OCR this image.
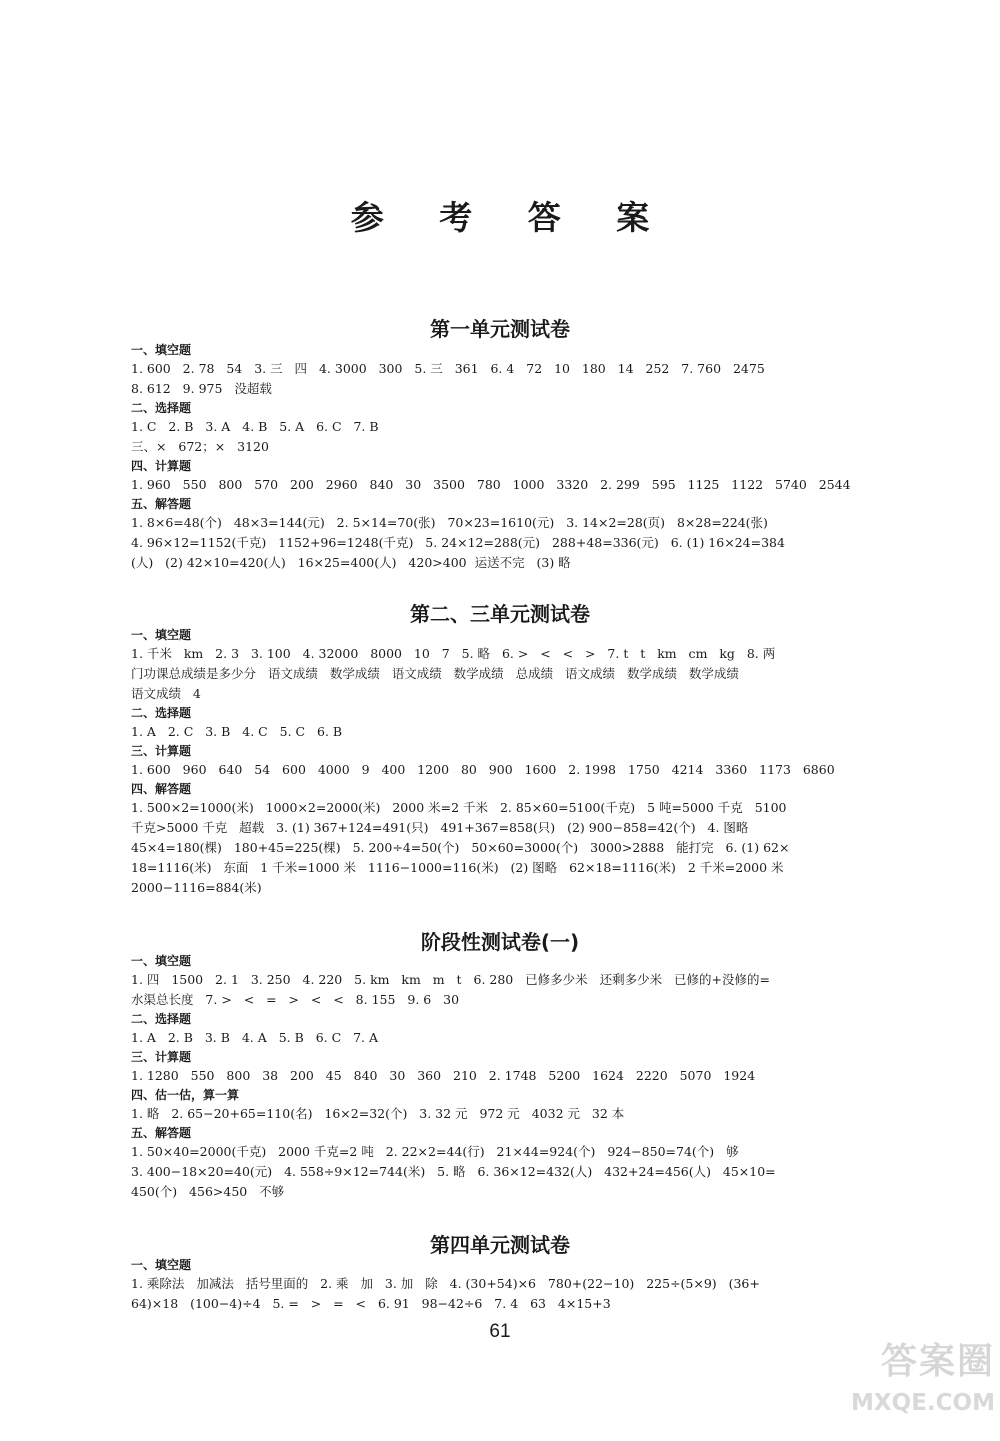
参 考 答 案
第一单元测试卷
一、填空题
1. 600   2. 78   54   3. 三   四   4. 3000   300   5. 三   361   6. 4   72   10   180   14   252   7. 760   2475
8. 612   9. 975   没超载
二、选择题
1. C   2. B   3. A   4. B   5. A   6. C   7. B
三、×   672；×   3120
四、计算题
1. 960   550   800   570   200   2960   840   30   3500   780   1000   3320   2. 299   595   1125   1122   5740   2544
五、解答题
1. 8×6=48(个)   48×3=144(元)   2. 5×14=70(张)   70×23=1610(元)   3. 14×2=28(页)   8×28=224(张)
4. 96×12=1152(千克)   1152+96=1248(千克)   5. 24×12=288(元)   288+48=336(元)   6. (1) 16×24=384
(人)   (2) 42×10=420(人)   16×25=400(人)   420>400  运送不完   (3) 略
第二、三单元测试卷
一、填空题
1. 千米   km   2. 3   3. 100   4. 32000   8000   10   7   5. 略   6. >   <   <   >   7. t   t   km   cm   kg   8. 两
门功课总成绩是多少分   语文成绩   数学成绩   语文成绩   数学成绩   总成绩   语文成绩   数学成绩   数学成绩
语文成绩   4
二、选择题
1. A   2. C   3. B   4. C   5. C   6. B
三、计算题
1. 600   960   640   54   600   4000   9   400   1200   80   900   1600   2. 1998   1750   4214   3360   1173   6860
四、解答题
1. 500×2=1000(米)   1000×2=2000(米)   2000 米=2 千米   2. 85×60=5100(千克)   5 吨=5000 千克   5100
千克>5000 千克   超载   3. (1) 367+124=491(只)   491+367=858(只)   (2) 900−858=42(个)   4. 图略
45×4=180(棵)   180+45=225(棵)   5. 200÷4=50(个)   50×60=3000(个)   3000>2888   能打完   6. (1) 62×
18=1116(米)   东面   1 千米=1000 米   1116−1000=116(米)   (2) 图略   62×18=1116(米)   2 千米=2000 米
2000−1116=884(米)
阶段性测试卷(一)
一、填空题
1. 四   1500   2. 1   3. 250   4. 220   5. km   km   m   t   6. 280   已修多少米   还剩多少米   已修的+没修的=
水渠总长度   7. >   <   =   >   <   <   8. 155   9. 6   30
二、选择题
1. A   2. B   3. B   4. A   5. B   6. C   7. A
三、计算题
1. 1280   550   800   38   200   45   840   30   360   210   2. 1748   5200   1624   2220   5070   1924
四、估一估，算一算
1. 略   2. 65−20+65=110(名)   16×2=32(个)   3. 32 元   972 元   4032 元   32 本
五、解答题
1. 50×40=2000(千克)   2000 千克=2 吨   2. 22×2=44(行)   21×44=924(个)   924−850=74(个)   够
3. 400−18×20=40(元)   4. 558÷9×12=744(米)   5. 略   6. 36×12=432(人)   432+24=456(人)   45×10=
450(个)   456>450   不够
第四单元测试卷
一、填空题
1. 乘除法   加减法   括号里面的   2. 乘   加   3. 加   除   4. (30+54)×6   780+(22−10)   225÷(5×9)   (36+
64)×18   (100−4)÷4   5. =   >   =   <   6. 91   98−42÷6   7. 4   63   4×15+3
61
答案圈
MXQE.COM
